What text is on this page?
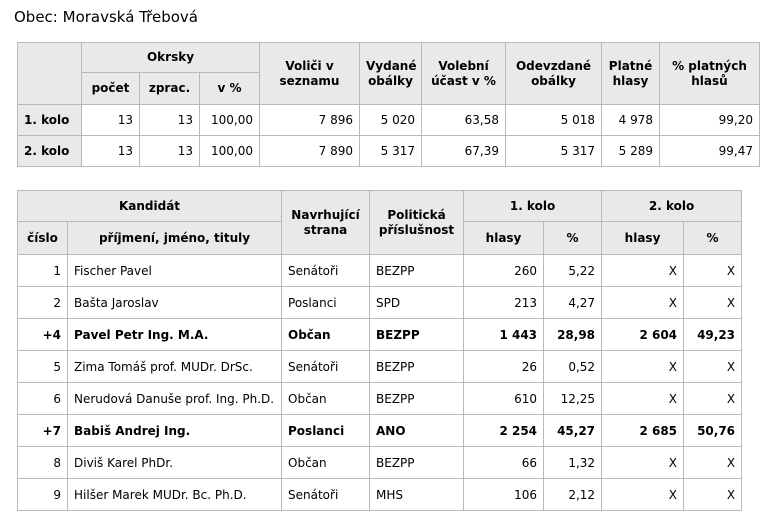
Obec: Moravská Třebová
	Okrsky			Voliči v seznamu	Vydané obálky	Volební účast v %	Odevzdané obálky	Platné hlasy	% platných hlasů
	počet	zprac.	v %						
1. kolo	13	13	100,00	7 896	5 020	63,58	5 018	4 978	99,20
2. kolo	13	13	100,00	7 890	5 317	67,39	5 317	5 289	99,47
Kandidát		Navrhující strana	Politická příslušnost	1. kolo		2. kolo	
číslo	příjmení, jméno, tituly			hlasy	%	hlasy	%
1	Fischer Pavel	Senátoři	BEZPP	260	5,22	X	X
2	Bašta Jaroslav	Poslanci	SPD	213	4,27	X	X
+4	Pavel Petr Ing. M.A.	Občan	BEZPP	1 443	28,98	2 604	49,23
5	Zima Tomáš prof. MUDr. DrSc.	Senátoři	BEZPP	26	0,52	X	X
6	Nerudová Danuše prof. Ing. Ph.D.	Občan	BEZPP	610	12,25	X	X
+7	Babiš Andrej Ing.	Poslanci	ANO	2 254	45,27	2 685	50,76
8	Diviš Karel PhDr.	Občan	BEZPP	66	1,32	X	X
9	Hilšer Marek MUDr. Bc. Ph.D.	Senátoři	MHS	106	2,12	X	X
